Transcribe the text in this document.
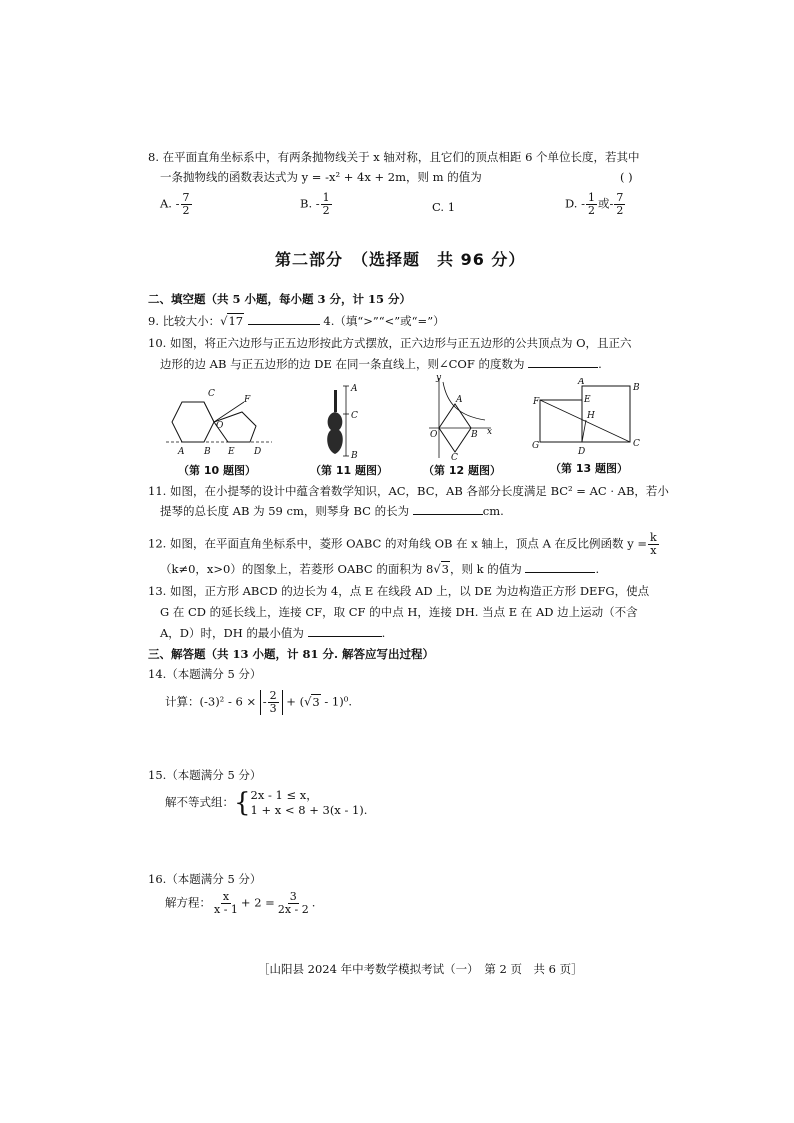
8. 在平面直角坐标系中，有两条抛物线关于 x 轴对称，且它们的顶点相距 6 个单位长度，若其中
一条抛物线的函数表达式为 y = -x² + 4x + 2m，则 m 的值为	( )
A. - $\frac{7}{2}$	B. - $\frac{1}{2}$	C. 1	D. - $\frac{1}{2}$ 或- $\frac{7}{2}$
第二部分　（选择题　共 96 分）
二、填空题（共 5 小题，每小题 3 分，计 15 分）
9. 比较大小：√17	4.（填“>”“<”或“=”）
10. 如图，将正六边形与正五边形按此方式摆放，正六边形与正五边形的公共顶点为 O，且正六
边形的边 AB 与正五边形的边 DE 在同一条直线上，则∠COF 的度数为	.
C
F
O
A B E D
A
C
B
y
A
O	B
C
x
A
B
F	E
H
G
D
C
（第 10 题图）	（第 11 题图）	（第 12 题图）	（第 13 题图）
11. 如图，在小提琴的设计中蕴含着数学知识，AC，BC，AB 各部分长度满足 BC² = AC · AB，若小
提琴的总长度 AB 为 59 cm，则琴身 BC 的长为	cm.
12. 如图，在平面直角坐标系中，菱形 OABC 的对角线 OB 在 x 轴上，顶点 A 在反比例函数 $y = \frac{k}{x}$
（k≠0，x>0）的图象上，若菱形 OABC 的面积为 8√3，则 k 的值为	.
13. 如图，正方形 ABCD 的边长为 4，点 E 在线段 AD 上，以 DE 为边构造正方形 DEFG，使点
G 在 CD 的延长线上，连接 CF，取 CF 的中点 H，连接 DH. 当点 E 在 AD 边上运动（不含
A，D）时，DH 的最小值为	.
三、解答题（共 13 小题，计 81 分. 解答应写出过程）
14.（本题满分 5 分）
计算：(-3)² - 6 × - $\frac{2}{3} + (√3 - 1)^0$.
15.（本题满分 5 分）
解不等式组：{ 2x - 1 ≤ x，
1 + x < 8 + 3(x - 1).
16.（本题满分 5 分）
解方程： $\frac{x}{x - 1} + 2 = \frac{3}{2x - 2}$ .
［山阳县 2024 年中考数学模拟考试（一）　第 2 页　共 6 页］
